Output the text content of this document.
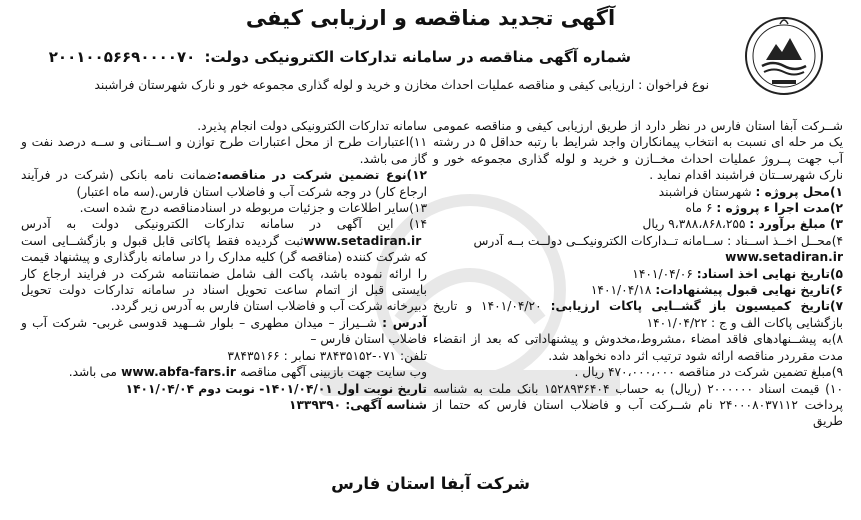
آگهی تجدید مناقصه و ارزیابی کیفی
شماره آگهی مناقصه در سامانه تدارکات الکترونیکی دولت: ۲۰۰۱۰۰۵۶۶۹۰۰۰۰۷۰
نوع فراخوان : ارزیابی کیفی و مناقصه عملیات احداث مخازن و خرید و لوله گذاری مجموعه خور و نارک شهرستان فراشبند

شــرکت آبفا استان فارس در نظر دارد از طریق ارزیابی کیفی و مناقصه عمومی یک مر حله ای نسبت به انتخاب پیمانکاران واجد شرایط با رتبه حداقل ۵ در رشته آب جهت پــروژ عملیات احداث مخــازن و خرید و لوله گذاری مجموعه خور و نارک شهرســتان فراشبند اقدام نماید .

۱)محل پروژه : شهرستان فراشبند

۲)مدت اجرا ء پروژه : ۶ ماه

۳) مبلغ برآورد : ۹،۳۸۸،۸۶۸،۲۵۵ ریال

۴)محــل اخــذ اســناد : ســامانه تــدارکات الکترونیکــی دولــت بــه آدرس

www.setadiran.ir

۵)تاریخ نهایی اخذ اسناد: ۱۴۰۱/۰۴/۰۶

۶)تاریخ نهایی قبول پیشنهادات: ۱۴۰۱/۰۴/۱۸

۷)تاریخ کمیسیون باز گشــایی پاکات ارزیابی: ۱۴۰۱/۰۴/۲۰ و تاریخ بازگشایی پاکات الف و ج : ۱۴۰۱/۰۴/۲۲

۸)به پیشــنهادهای فاقد امضاء ،مشروط،مخدوش و پیشنهاداتی که بعد از انقضاء مدت مقرردر مناقصه ارائه شود ترتیب اثر داده نخواهد شد.

۹)مبلغ تضمین شرکت در مناقصه ۴۷۰،۰۰۰،۰۰۰ ریال .

۱۰) قیمت اسناد ۲۰۰۰۰۰۰ (ریال) به حساب ۱۵۲۸۹۳۶۴۰۴ بانک ملت به شناسه پرداخت ۲۴۰۰۰۸۰۳۷۱۱۲ نام شــرکت آب و فاضلاب استان فارس که حتما از طریق

سامانه تدارکات الکترونیکی دولت انجام پذیرد.

۱۱)اعتبارات طرح از محل اعتبارات طرح توازن و اســتانی و ســه درصد نفت و گاز می باشد.

۱۲)نوع تضمین شرکت در مناقصه:ضمانت نامه بانکی (شرکت در فرآیند ارجاع کار) در وجه شرکت آب و فاضلاب استان فارس.(سه ماه اعتبار)

۱۳)سایر اطلاعات و جزئیات مربوطه در اسنادمناقصه درج شده است.

۱۴) این آگهی در سامانه تدارکات الکترونیکی دولت به آدرس www.setadiran.ir ثبت گردیده فقط پاکاتی قابل قبول و بازگشــایی است که شرکت کننده (مناقصه گر) کلیه مدارک را در سامانه بارگذاری و پیشنهاد قیمت را ارائه نموده باشد، پاکت الف شامل ضمانتنامه شرکت در فرایند ارجاع کار بایستی قبل از اتمام ساعت تحویل اسناد در سامانه تدارکات دولت تحویل دبیرخانه شرکت آب و فاضلاب استان فارس به آدرس زیر گردد.

آدرس : شــیراز – میدان مطهری – بلوار شــهید قدوسی غربی- شرکت آب و فاضلاب استان فارس –

تلفن: ۰۷۱-۳۸۴۳۵۱۵۲ نمابر : ۳۸۴۳۵۱۶۶

وب سایت جهت بازبینی آگهی مناقصه www.abfa-fars.ir می باشد.

تاریخ نوبت اول ۱۴۰۱/۰۴/۰۱- نوبت دوم ۱۴۰۱/۰۴/۰۴

شناسه آگهی: ۱۳۳۹۳۹۰

شرکت آبفا استان فارس
